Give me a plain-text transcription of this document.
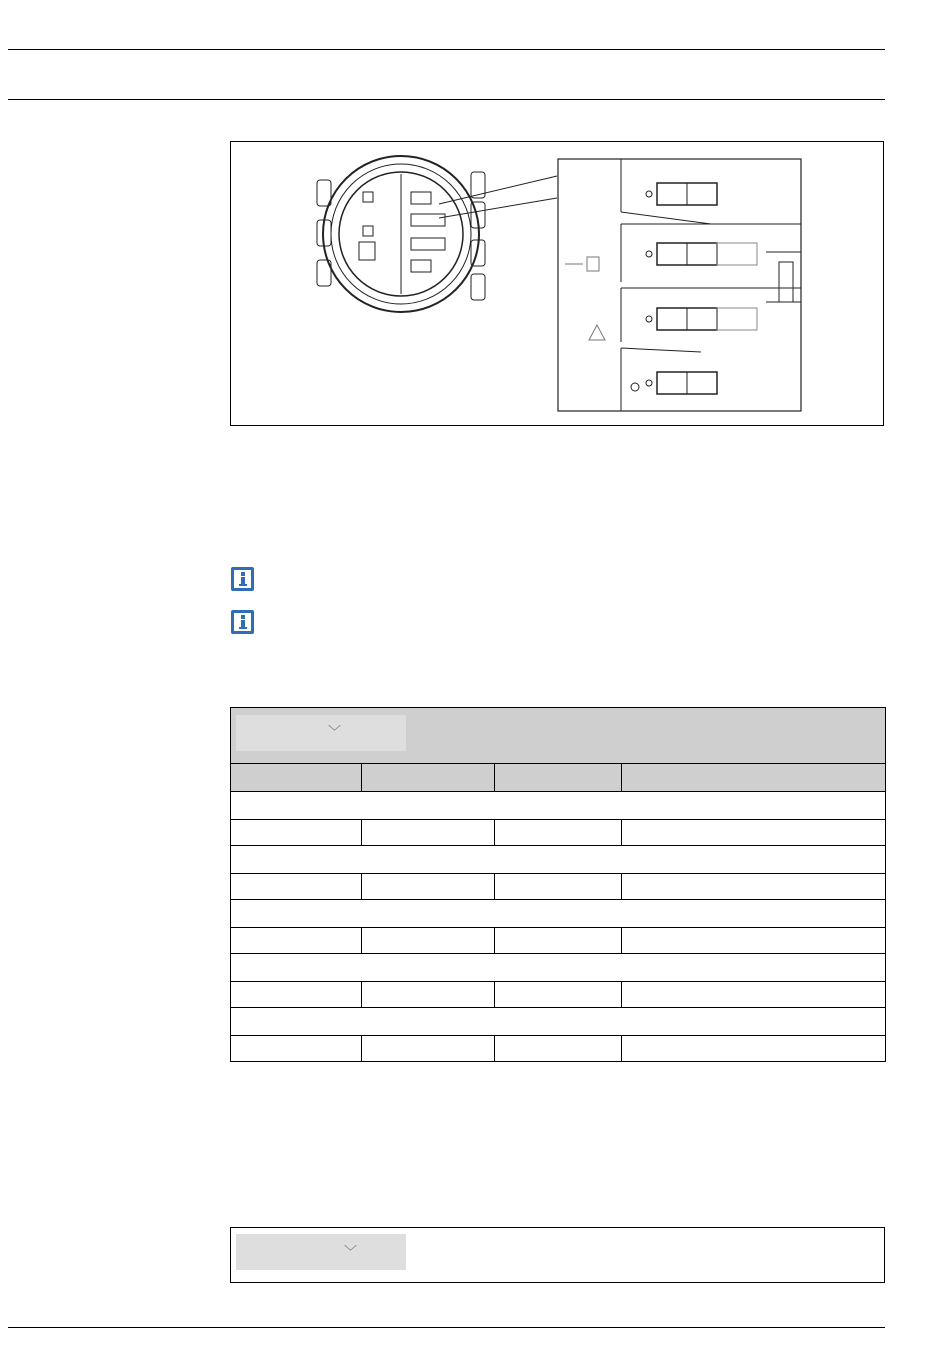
﹀			

﹀
